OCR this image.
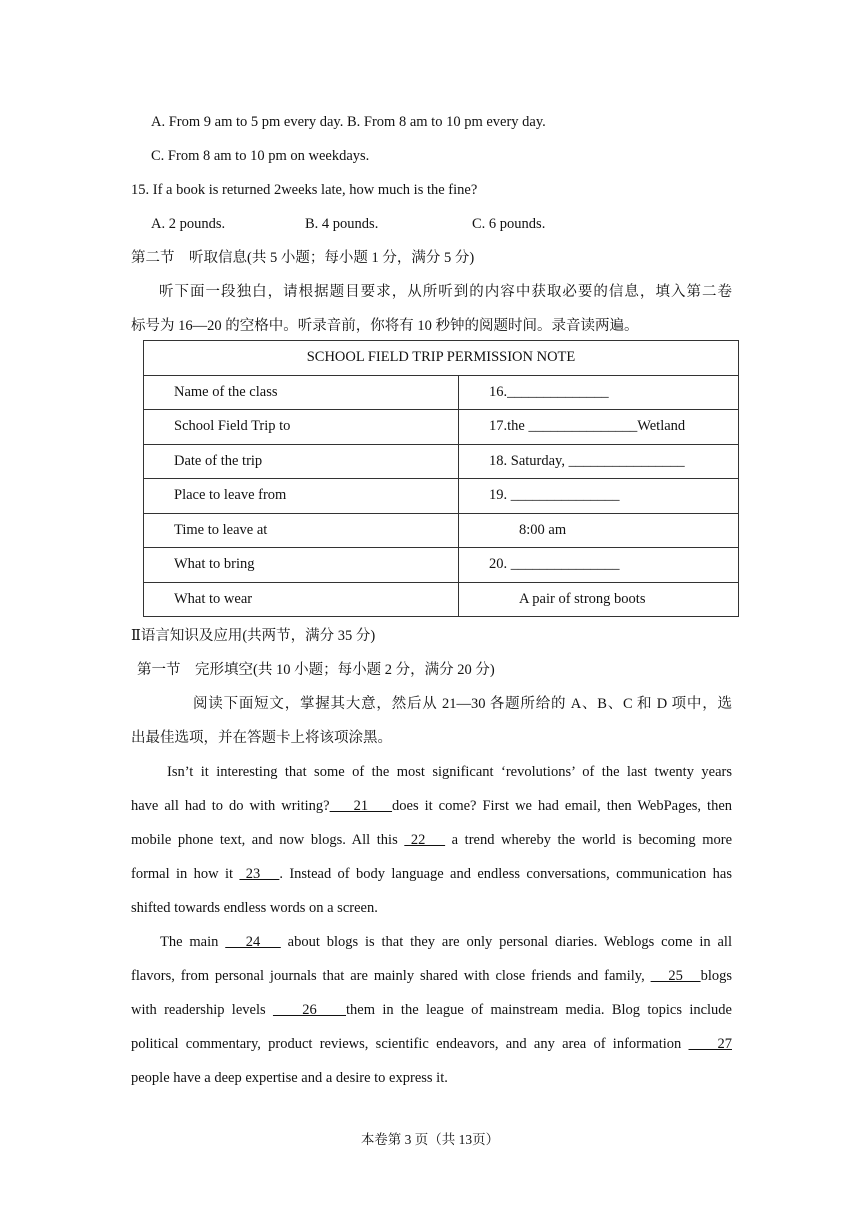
A. From 9 am to 5 pm every day. B. From 8 am to 10 pm every day.
C. From 8 am to 10 pm on weekdays.
15. If a book is returned 2weeks late, how much is the fine?
A. 2 pounds.	B. 4 pounds.	C. 6 pounds.
第二节　听取信息(共 5 小题；每小题 1 分，满分 5 分)
听下面一段独白，请根据题目要求，从所听到的内容中获取必要的信息，填入第二卷
标号为 16—20 的空格中。听录音前，你将有 10 秒钟的阅题时间。录音读两遍。
SCHOOL FIELD TRIP PERMISSION NOTE	
Name of the class	16.______________
School Field Trip to	17.the _______________Wetland
Date of the trip	18. Saturday, ________________
Place to leave from	19. _______________
Time to leave at	8:00 am
What to bring	20. _______________
What to wear	A pair of strong boots
Ⅱ语言知识及应用(共两节，满分 35 分)
第一节　完形填空(共 10 小题；每小题 2 分，满分 20 分)
阅读下面短文，掌握其大意，然后从 21—30 各题所给的 A、B、C 和 D 项中，选
出最佳选项，并在答题卡上将该项涂黑。
Isn’t it interesting that some of the most significant ‘revolutions’ of the last twenty years
have all had to do with writing?    21    does it come? First we had email, then WebPages, then
mobile phone text, and now blogs. All this  22    a trend whereby the world is becoming more
formal in how it  23   . Instead of body language and endless conversations, communication has
shifted towards endless words on a screen.
The main    24    about blogs is that they are only personal diaries. Weblogs come in all
flavors, from personal journals that are mainly shared with close friends and family,    25   blogs
with readership levels     26    them in the league of mainstream media. Blog topics include
political commentary, product reviews, scientific endeavors, and any area of information     27
people have a deep expertise and a desire to express it.
本卷第 3 页（共 13页）
